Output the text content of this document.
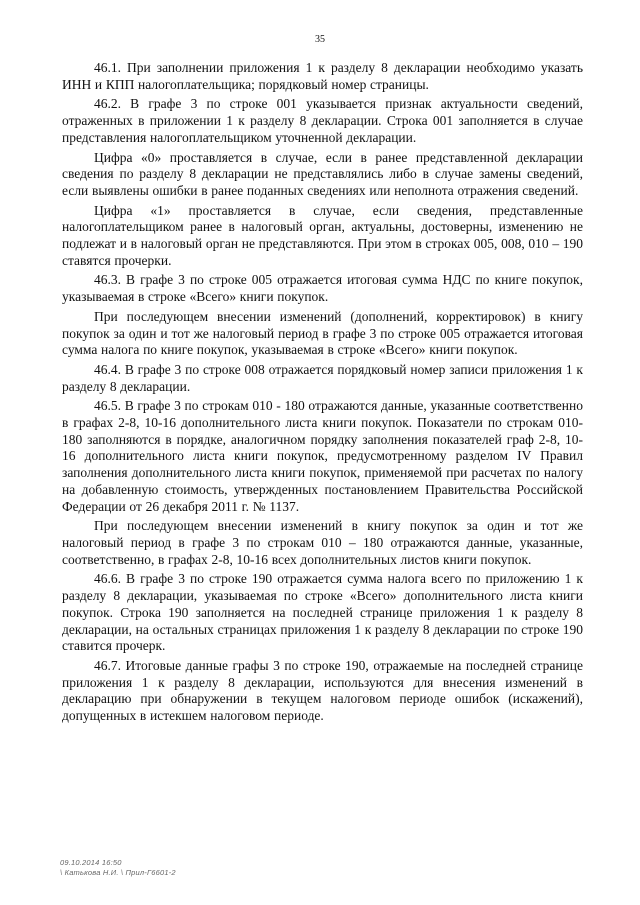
35

46.1. При заполнении приложения 1 к разделу 8 декларации необходимо указать ИНН и КПП налогоплательщика; порядковый номер страницы.

46.2. В графе 3 по строке 001 указывается признак актуальности сведений, отраженных в приложении 1 к разделу 8 декларации. Строка 001 заполняется в случае представления налогоплательщиком уточненной декларации.

Цифра «0» проставляется в случае, если в ранее представленной декларации сведения по разделу 8 декларации не представлялись либо в случае замены сведений, если выявлены ошибки в ранее поданных сведениях или неполнота отражения сведений.

Цифра «1» проставляется в случае, если сведения, представленные налогоплательщиком ранее в налоговый орган, актуальны, достоверны, изменению не подлежат и в налоговый орган не представляются. При этом в строках 005, 008, 010 – 190 ставятся прочерки.

46.3. В графе 3 по строке 005 отражается итоговая сумма НДС по книге покупок, указываемая в строке «Всего» книги покупок.

При последующем внесении изменений (дополнений, корректировок) в книгу покупок за один и тот же налоговый период в графе 3 по строке 005 отражается итоговая сумма налога по книге покупок, указываемая в строке «Всего» книги покупок.

46.4. В графе 3 по строке 008 отражается порядковый номер записи приложения 1 к разделу 8 декларации.

46.5. В графе 3 по строкам 010 - 180 отражаются данные, указанные соответственно в графах 2-8, 10-16 дополнительного листа книги покупок. Показатели по строкам 010-180 заполняются в порядке, аналогичном порядку заполнения показателей граф 2-8, 10-16 дополнительного листа книги покупок, предусмотренному разделом IV Правил заполнения дополнительного листа книги покупок, применяемой при расчетах по налогу на добавленную стоимость, утвержденных постановлением Правительства Российской Федерации от 26 декабря 2011 г. № 1137.

При последующем внесении изменений в книгу покупок за один и тот же налоговый период в графе 3 по строкам 010 – 180 отражаются данные, указанные, соответственно, в графах 2-8, 10-16 всех дополнительных листов книги покупок.

46.6. В графе 3 по строке 190 отражается сумма налога всего по приложению 1 к разделу 8 декларации, указываемая по строке «Всего» дополнительного листа книги покупок. Строка 190 заполняется на последней странице приложения 1 к разделу 8 декларации, на остальных страницах приложения 1 к разделу 8 декларации по строке 190 ставится прочерк.

46.7. Итоговые данные графы 3 по строке 190, отражаемые на последней странице приложения 1 к разделу 8 декларации, используются для внесения изменений в декларацию при обнаружении в текущем налоговом периоде ошибок (искажений), допущенных в истекшем налоговом периоде.

09.10.2014 16:50
\ Катькова Н.И. \ Прил-Г6601-2
